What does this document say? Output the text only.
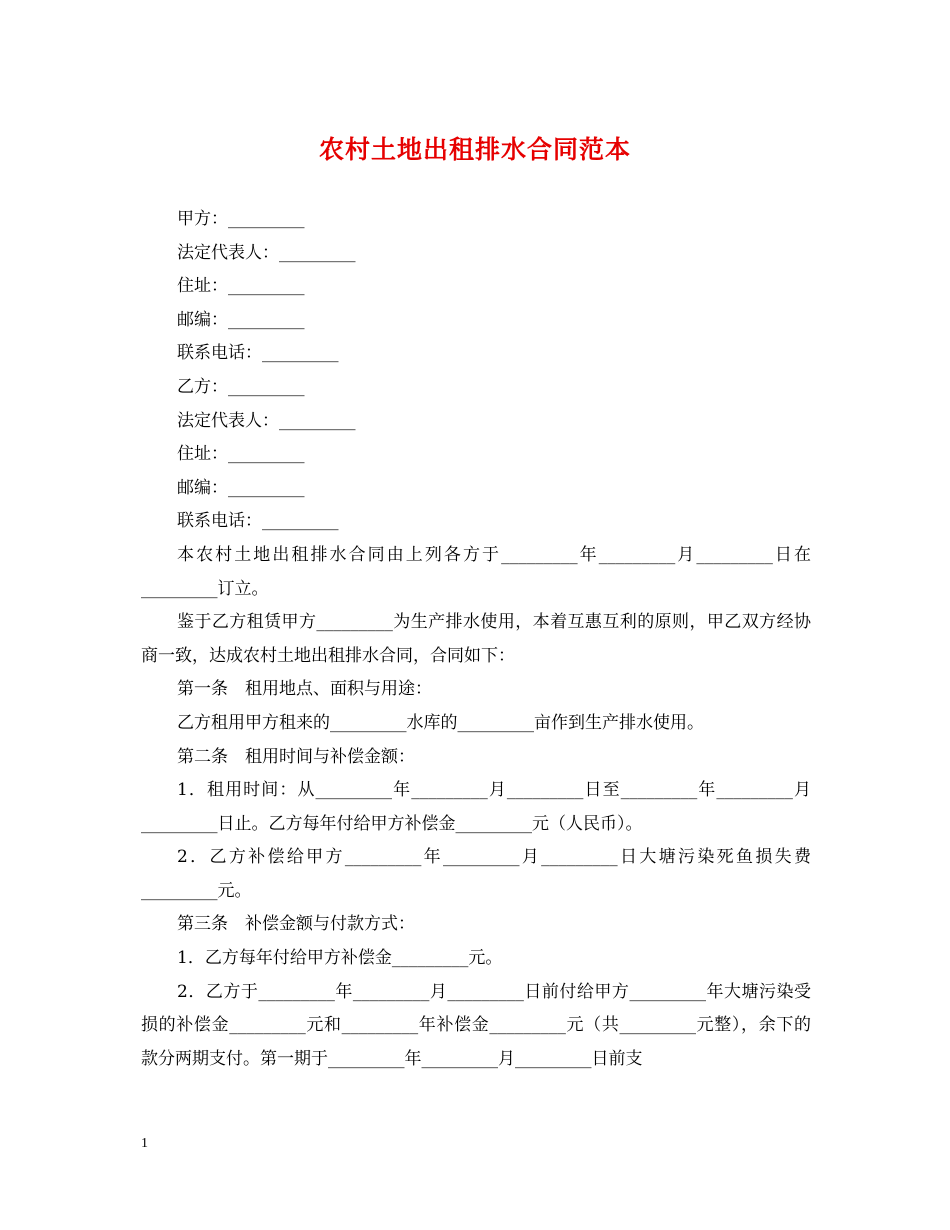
农村土地出租排水合同范本

甲方：_________

法定代表人：_________

住址：_________

邮编：_________

联系电话：_________

乙方：_________

法定代表人：_________

住址：_________

邮编：_________

联系电话：_________

本农村土地出租排水合同由上列各方于_________年_________月_________日在_________订立。

鉴于乙方租赁甲方_________为生产排水使用，本着互惠互利的原则，甲乙双方经协商一致，达成农村土地出租排水合同，合同如下：

第一条　租用地点、面积与用途：

乙方租用甲方租来的_________水库的_________亩作到生产排水使用。

第二条　租用时间与补偿金额：

1．租用时间：从_________年_________月_________日至_________年_________月_________日止。乙方每年付给甲方补偿金_________元（人民币）。

2．乙方补偿给甲方_________年_________月_________日大塘污染死鱼损失费_________元。

第三条　补偿金额与付款方式：

1．乙方每年付给甲方补偿金_________元。

2．乙方于_________年_________月_________日前付给甲方_________年大塘污染受损的补偿金_________元和_________年补偿金_________元（共_________元整），余下的款分两期支付。第一期于_________年_________月_________日前支

1
